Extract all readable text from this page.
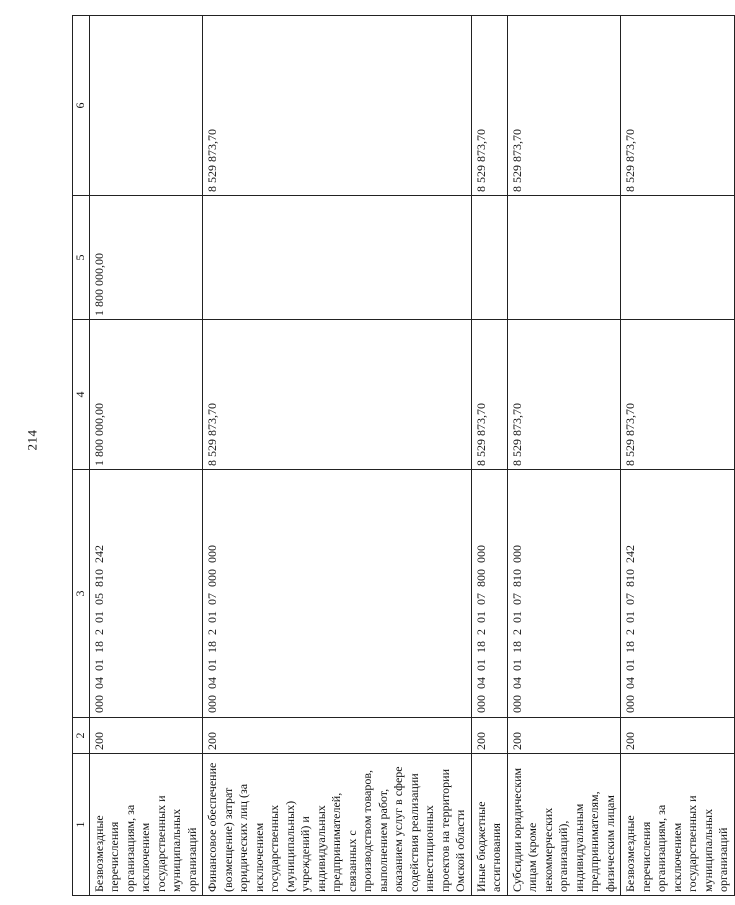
214
1	2	3	4	5	6
Безвозмездные перечисления организациям, за исключением государственных и муниципальных организаций	200	000 04 01 18 2 01 05 810 242	1 800 000,00	1 800 000,00	
Финансовое обеспечение (возмещение) затрат юридических лиц (за исключением государственных (муниципальных) учреждений) и индивидуальных предпринимателей, связанных с производством товаров, выполнением работ, оказанием услуг в сфере содействия реализации инвестиционных проектов на территории Омской области	200	000 04 01 18 2 01 07 000 000	8 529 873,70		8 529 873,70
Иные бюджетные ассигнования	200	000 04 01 18 2 01 07 800 000	8 529 873,70		8 529 873,70
Субсидии юридическим лицам (кроме некоммерческих организаций), индивидуальным предпринимателям, физическим лицам	200	000 04 01 18 2 01 07 810 000	8 529 873,70		8 529 873,70
Безвозмездные перечисления организациям, за исключением государственных и муниципальных организаций	200	000 04 01 18 2 01 07 810 242	8 529 873,70		8 529 873,70
